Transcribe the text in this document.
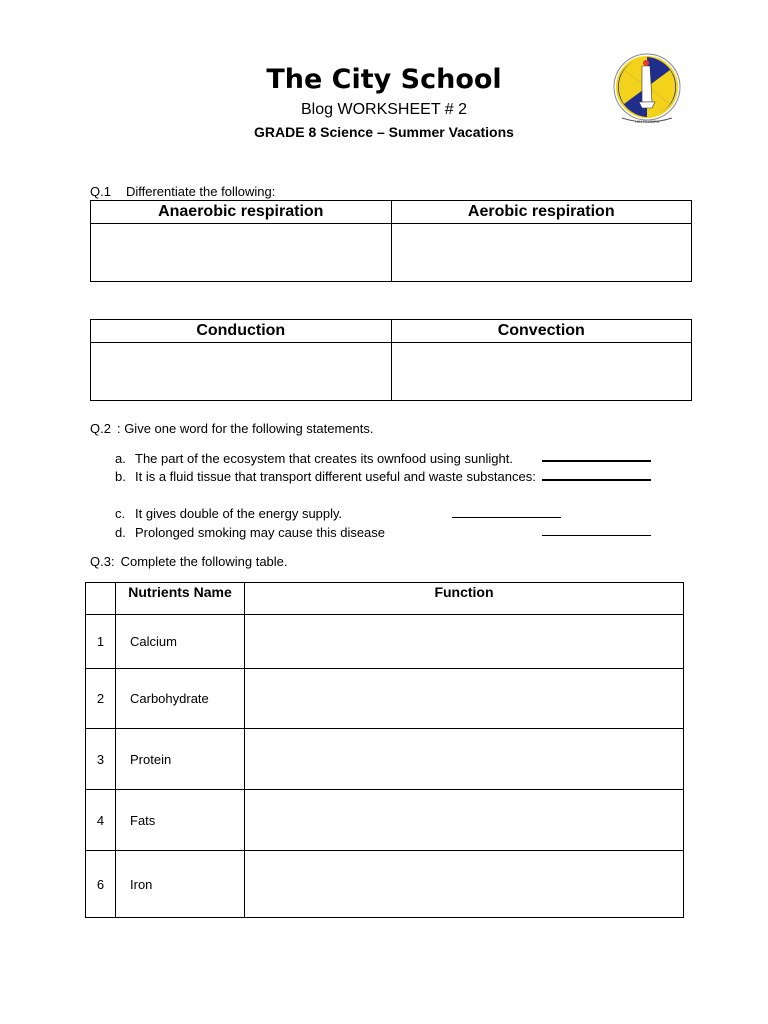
The City School
Blog WORKSHEET # 2
GRADE 8 Science – Summer Vacations
I AM TO LEARN
Q.1 Differentiate the following:
Anaerobic respiration	Aerobic respiration

Conduction	Convection

Q.2 : Give one word for the following statements.
a. The part of the ecosystem that creates its ownfood using sunlight.
b. It is a fluid tissue that transport different useful and waste substances:
c. It gives double of the energy supply.
d. Prolonged smoking may cause this disease
Q.3: Complete the following table.
	Nutrients Name	Function
1	Calcium	
2	Carbohydrate	
3	Protein	
4	Fats	
6	Iron	
